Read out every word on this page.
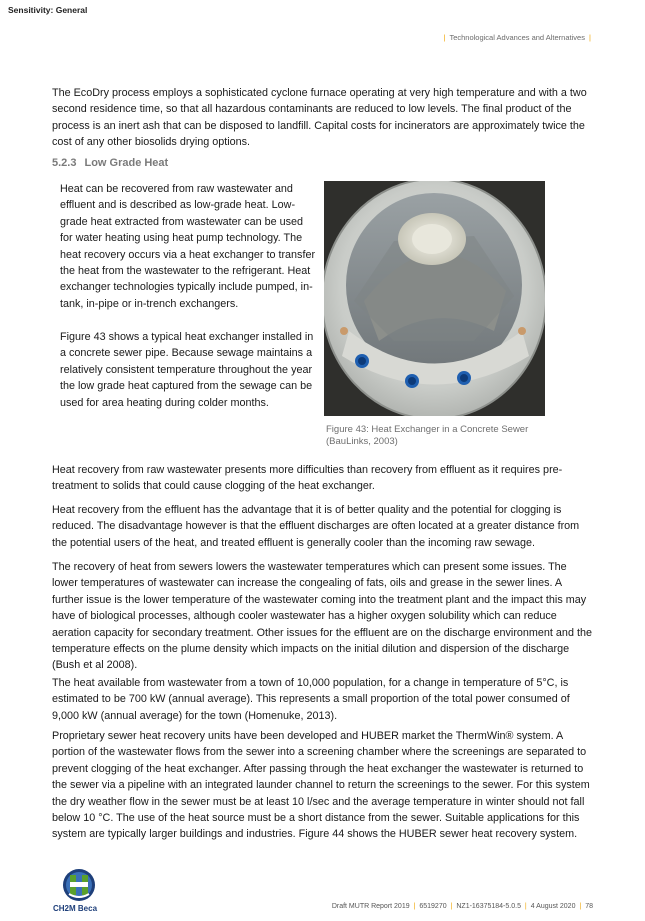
Sensitivity: General
| Technological Advances and Alternatives |

The EcoDry process employs a sophisticated cyclone furnace operating at very high temperature and with a two second residence time, so that all hazardous contaminants are reduced to low levels. The final product of the process is an inert ash that can be disposed to landfill. Capital costs for incinerators are approximately twice the cost of any other biosolids drying options.

5.2.3 Low Grade Heat

Heat can be recovered from raw wastewater and effluent and is described as low-grade heat. Low-grade heat extracted from wastewater can be used for water heating using heat pump technology. The heat recovery occurs via a heat exchanger to transfer the heat from the wastewater to the refrigerant. Heat exchanger technologies typically include pumped, in-tank, in-pipe or in-trench exchangers.

Figure 43 shows a typical heat exchanger installed in a concrete sewer pipe. Because sewage maintains a relatively consistent temperature throughout the year the low grade heat captured from the sewage can be used for area heating during colder months.

Figure 43: Heat Exchanger in a Concrete Sewer
(BauLinks, 2003)

Heat recovery from raw wastewater presents more difficulties than recovery from effluent as it requires pre-treatment to solids that could cause clogging of the heat exchanger.

Heat recovery from the effluent has the advantage that it is of better quality and the potential for clogging is reduced. The disadvantage however is that the effluent discharges are often located at a greater distance from the potential users of the heat, and treated effluent is generally cooler than the incoming raw sewage.

The recovery of heat from sewers lowers the wastewater temperatures which can present some issues. The lower temperatures of wastewater can increase the congealing of fats, oils and grease in the sewer lines. A further issue is the lower temperature of the wastewater coming into the treatment plant and the impact this may have of biological processes, although cooler wastewater has a higher oxygen solubility which can reduce aeration capacity for secondary treatment. Other issues for the effluent are on the discharge environment and the temperature effects on the plume density which impacts on the initial dilution and dispersion of the discharge (Bush et al 2008).

The heat available from wastewater from a town of 10,000 population, for a change in temperature of 5°C, is estimated to be 700 kW (annual average). This represents a small proportion of the total power consumed of 9,000 kW (annual average) for the town (Homenuke, 2013).

Proprietary sewer heat recovery units have been developed and HUBER market the ThermWin® system. A portion of the wastewater flows from the sewer into a screening chamber where the screenings are separated to prevent clogging of the heat exchanger. After passing through the heat exchanger the wastewater is returned to the sewer via a pipeline with an integrated launder channel to return the screenings to the sewer. For this system the dry weather flow in the sewer must be at least 10 l/sec and the average temperature in winter should not fall below 10 °C. The use of the heat source must be a short distance from the sewer. Suitable applications for this system are typically larger buildings and industries. Figure 44 shows the HUBER sewer heat recovery system.

CH2M Beca	Draft MUTR Report 2019 | 6519270 | NZ1-16375184-5.0.5 | 4 August 2020 | 78
